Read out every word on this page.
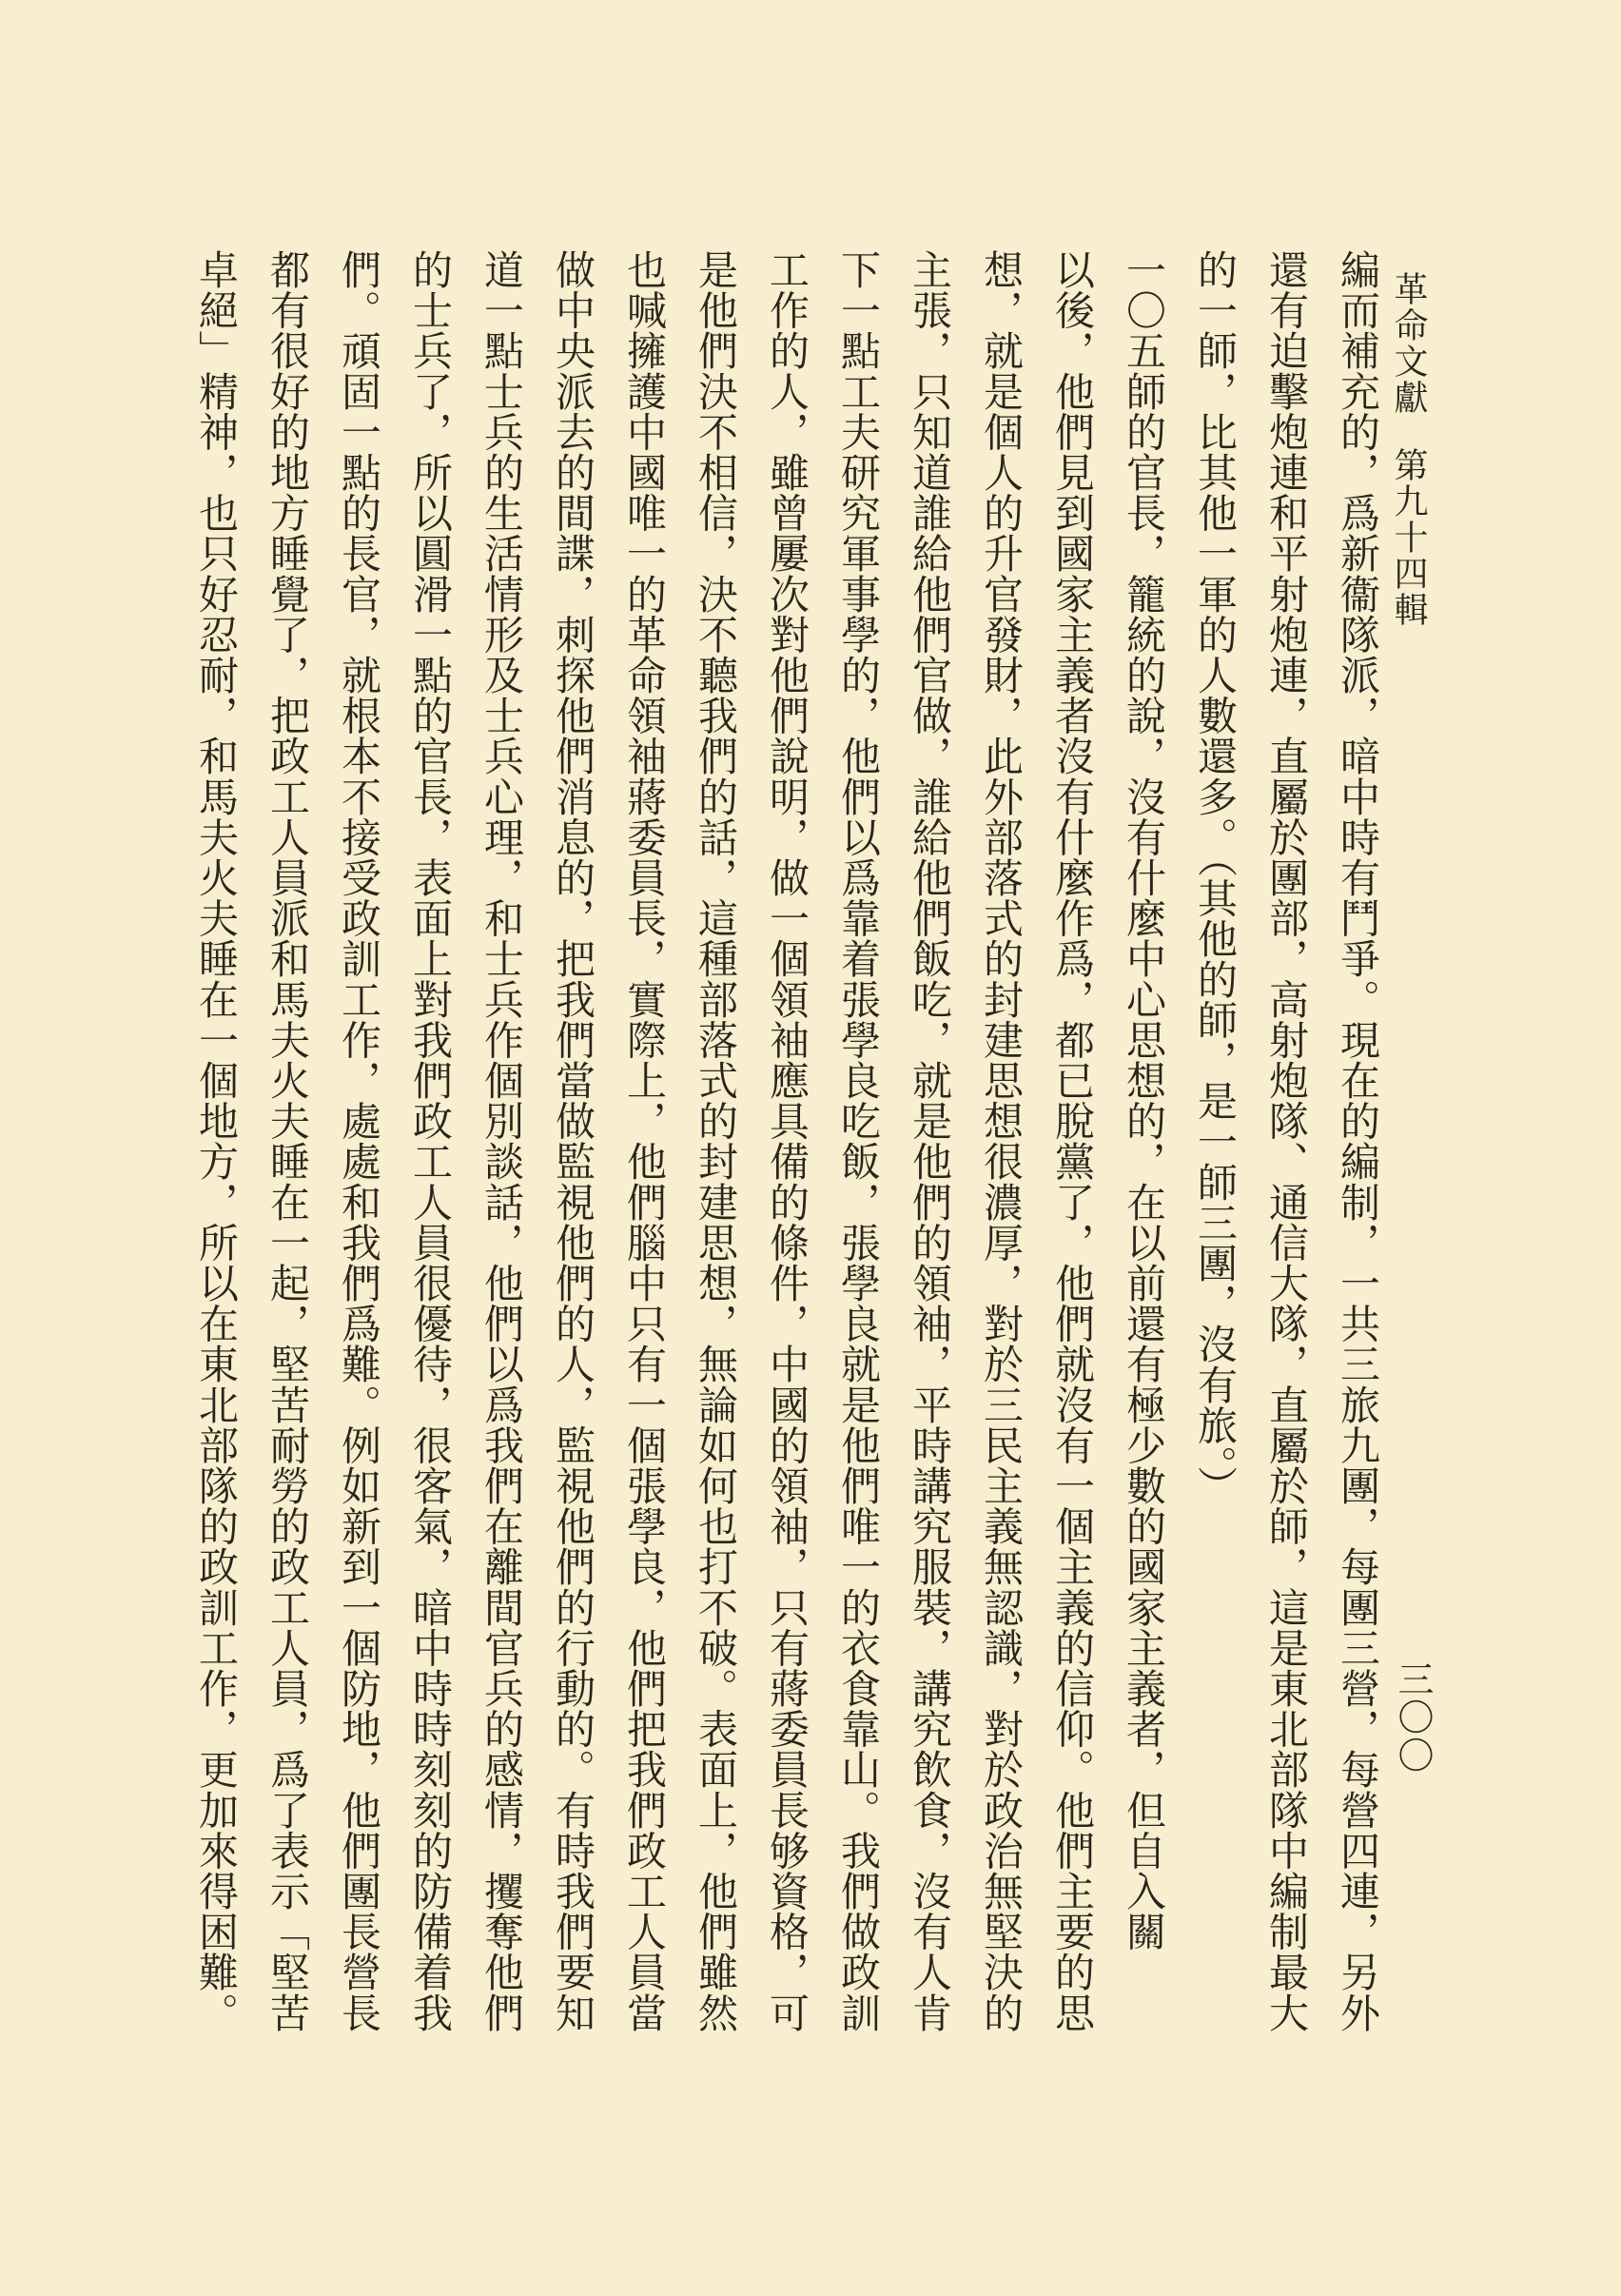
革命文獻 第九十四輯
三〇〇
編而補充的，爲新衞隊派，暗中時有鬥爭。現在的編制，一共三旅九團，每團三營，每營四連，另外
還有迫擊炮連和平射炮連，直屬於團部，高射炮隊、通信大隊，直屬於師，這是東北部隊中編制最大
的一師，比其他一軍的人數還多。（其他的師，是一師三團，沒有旅。）
一〇五師的官長，籠統的說，沒有什麼中心思想的，在以前還有極少數的國家主義者，但自入關
以後，他們見到國家主義者沒有什麼作爲，都已脫黨了，他們就沒有一個主義的信仰。他們主要的思
想，就是個人的升官發財，此外部落式的封建思想很濃厚，對於三民主義無認識，對於政治無堅決的
主張，只知道誰給他們官做，誰給他們飯吃，就是他們的領袖，平時講究服裝，講究飲食，沒有人肯
下一點工夫研究軍事學的，他們以爲靠着張學良吃飯，張學良就是他們唯一的衣食靠山。我們做政訓
工作的人，雖曾屢次對他們說明，做一個領袖應具備的條件，中國的領袖，只有蔣委員長够資格，可
是他們決不相信，決不聽我們的話，這種部落式的封建思想，無論如何也打不破。表面上，他們雖然
也喊擁護中國唯一的革命領袖蔣委員長，實際上，他們腦中只有一個張學良，他們把我們政工人員當
做中央派去的間諜，刺探他們消息的，把我們當做監視他們的人，監視他們的行動的。有時我們要知
道一點士兵的生活情形及士兵心理，和士兵作個別談話，他們以爲我們在離間官兵的感情，攫奪他們
的士兵了，所以圓滑一點的官長，表面上對我們政工人員很優待，很客氣，暗中時時刻刻的防備着我
們。頑固一點的長官，就根本不接受政訓工作，處處和我們爲難。例如新到一個防地，他們團長營長
都有很好的地方睡覺了，把政工人員派和馬夫火夫睡在一起，堅苦耐勞的政工人員，爲了表示「堅苦
卓絕」精神，也只好忍耐，和馬夫火夫睡在一個地方，所以在東北部隊的政訓工作，更加來得困難。
